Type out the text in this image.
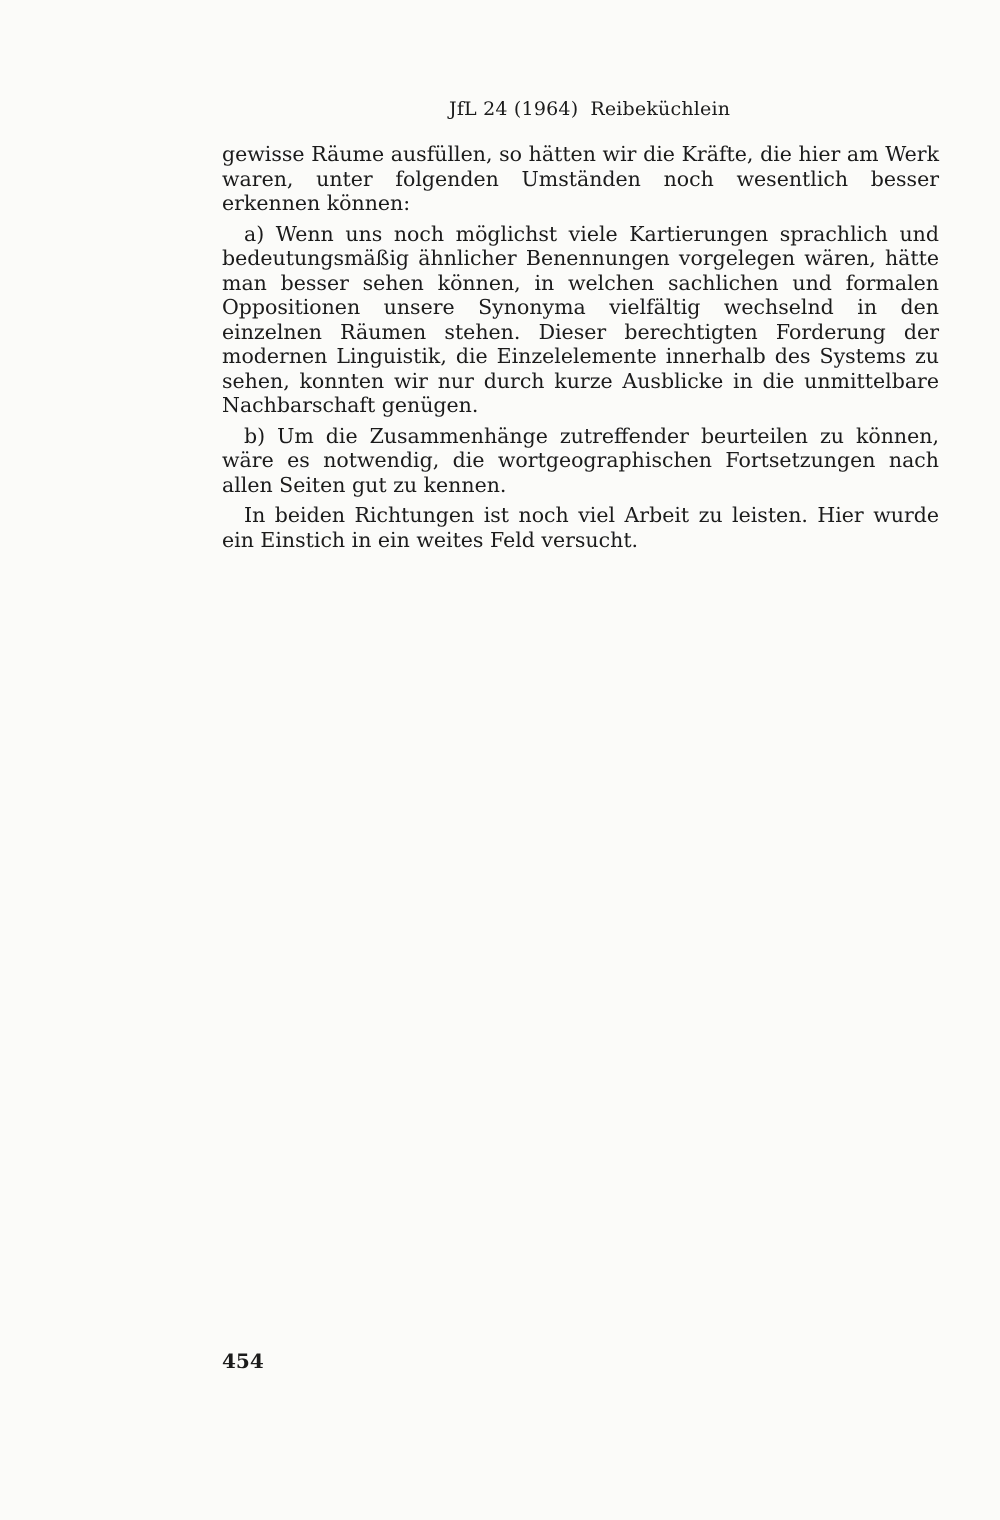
JfL 24 (1964) Reibeküchlein

gewisse Räume ausfüllen, so hätten wir die Kräfte, die hier am Werk waren, unter folgenden Umständen noch wesentlich besser erkennen können:

a) Wenn uns noch möglichst viele Kartierungen sprachlich und bedeutungsmäßig ähnlicher Benennungen vorgelegen wären, hätte man besser sehen können, in welchen sachlichen und formalen Oppositionen unsere Synonyma vielfältig wechselnd in den einzelnen Räumen stehen. Dieser berechtigten Forderung der modernen Linguistik, die Einzelelemente innerhalb des Systems zu sehen, konnten wir nur durch kurze Ausblicke in die unmittelbare Nachbarschaft genügen.

b) Um die Zusammenhänge zutreffender beurteilen zu können, wäre es notwendig, die wortgeographischen Fortsetzungen nach allen Seiten gut zu kennen.

In beiden Richtungen ist noch viel Arbeit zu leisten. Hier wurde ein Einstich in ein weites Feld versucht.

454
